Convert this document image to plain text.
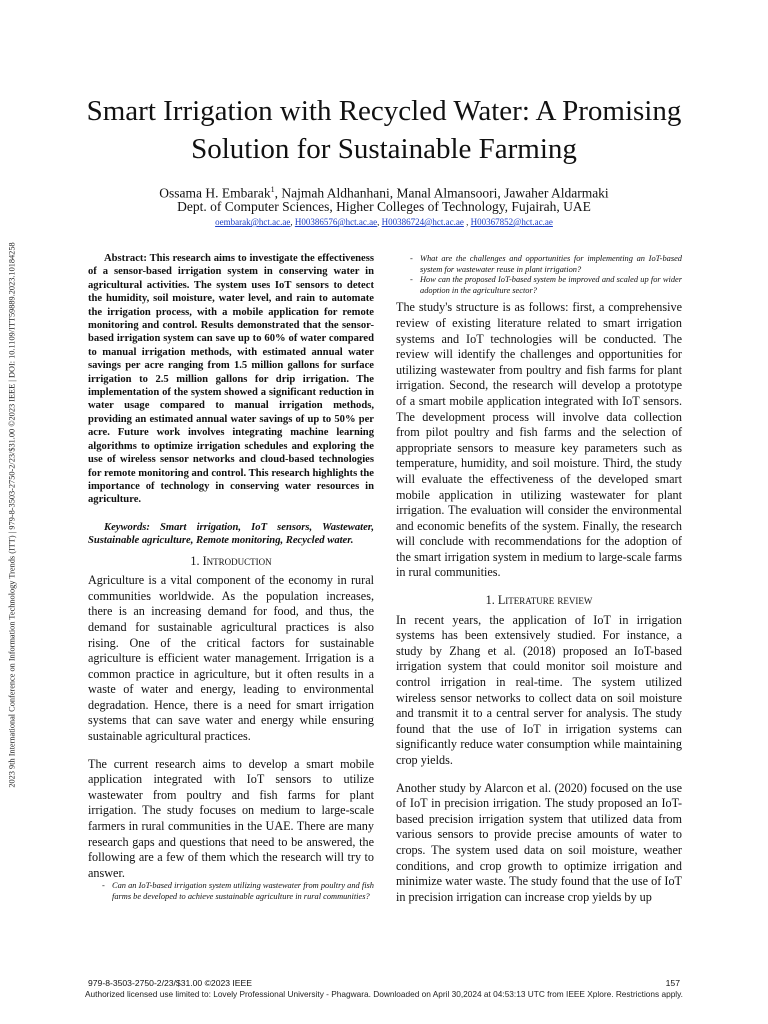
2023 9th International Conference on Information Technology Trends (ITT) | 979-8-3503-2750-2/23/$31.00 ©2023 IEEE | DOI: 10.1109/ITT59889.2023.10184258
Smart Irrigation with Recycled Water: A Promising Solution for Sustainable Farming
Ossama H. Embarak$^1$, Najmah Aldhanhani, Manal Almansoori, Jawaher Aldarmaki
Dept. of Computer Sciences, Higher Colleges of Technology, Fujairah, UAE
oembarak@hct.ac.ae, H00386576@hct.ac.ae, H00386724@hct.ac.ae , H00367852@hct.ac.ae

Abstract: This research aims to investigate the effectiveness of a sensor-based irrigation system in conserving water in agricultural activities. The system uses IoT sensors to detect the humidity, soil moisture, water level, and rain to automate the irrigation process, with a mobile application for remote monitoring and control. Results demonstrated that the sensor-based irrigation system can save up to 60% of water compared to manual irrigation methods, with estimated annual water savings per acre ranging from 1.5 million gallons for surface irrigation to 2.5 million gallons for drip irrigation. The implementation of the system showed a significant reduction in water usage compared to manual irrigation methods, providing an estimated annual water savings of up to 50% per acre. Future work involves integrating machine learning algorithms to optimize irrigation schedules and exploring the use of wireless sensor networks and cloud-based technologies for remote monitoring and control. This research highlights the importance of technology in conserving water resources in agriculture.

Keywords: Smart irrigation, IoT sensors, Wastewater, Sustainable agriculture, Remote monitoring, Recycled water.

1. Introduction

Agriculture is a vital component of the economy in rural communities worldwide. As the population increases, there is an increasing demand for food, and thus, the demand for sustainable agricultural practices is also rising. One of the critical factors for sustainable agriculture is efficient water management. Irrigation is a common practice in agriculture, but it often results in a waste of water and energy, leading to environmental degradation. Hence, there is a need for smart irrigation systems that can save water and energy while ensuring sustainable agricultural practices.

The current research aims to develop a smart mobile application integrated with IoT sensors to utilize wastewater from poultry and fish farms for plant irrigation. The study focuses on medium to large-scale farmers in rural communities in the UAE. There are many research gaps and questions that need to be answered, the following are a few of them which the research will try to answer.

- Can an IoT-based irrigation system utilizing wastewater from poultry and fish farms be developed to achieve sustainable agriculture in rural communities?
- What are the challenges and opportunities for implementing an IoT-based system for wastewater reuse in plant irrigation?
- How can the proposed IoT-based system be improved and scaled up for wider adoption in the agriculture sector?

The study's structure is as follows: first, a comprehensive review of existing literature related to smart irrigation systems and IoT technologies will be conducted. The review will identify the challenges and opportunities for utilizing wastewater from poultry and fish farms for plant irrigation. Second, the research will develop a prototype of a smart mobile application integrated with IoT sensors. The development process will involve data collection from pilot poultry and fish farms and the selection of appropriate sensors to measure key parameters such as temperature, humidity, and soil moisture. Third, the study will evaluate the effectiveness of the developed smart mobile application in utilizing wastewater for plant irrigation. The evaluation will consider the environmental and economic benefits of the system. Finally, the research will conclude with recommendations for the adoption of the smart irrigation system in medium to large-scale farms in rural communities.

1. Literature review

In recent years, the application of IoT in irrigation systems has been extensively studied. For instance, a study by Zhang et al. (2018) proposed an IoT-based irrigation system that could monitor soil moisture and control irrigation in real-time. The system utilized wireless sensor networks to collect data on soil moisture and transmit it to a central server for analysis. The study found that the use of IoT in irrigation systems can significantly reduce water consumption while maintaining crop yields.

Another study by Alarcon et al. (2020) focused on the use of IoT in precision irrigation. The study proposed an IoT-based precision irrigation system that utilized data from various sensors to provide precise amounts of water to crops. The system used data on soil moisture, weather conditions, and crop growth to optimize irrigation and minimize water waste. The study found that the use of IoT in precision irrigation can increase crop yields by up

979-8-3503-2750-2/23/$31.00 ©2023 IEEE	157
Authorized licensed use limited to: Lovely Professional University - Phagwara. Downloaded on April 30,2024 at 04:53:13 UTC from IEEE Xplore. Restrictions apply.
